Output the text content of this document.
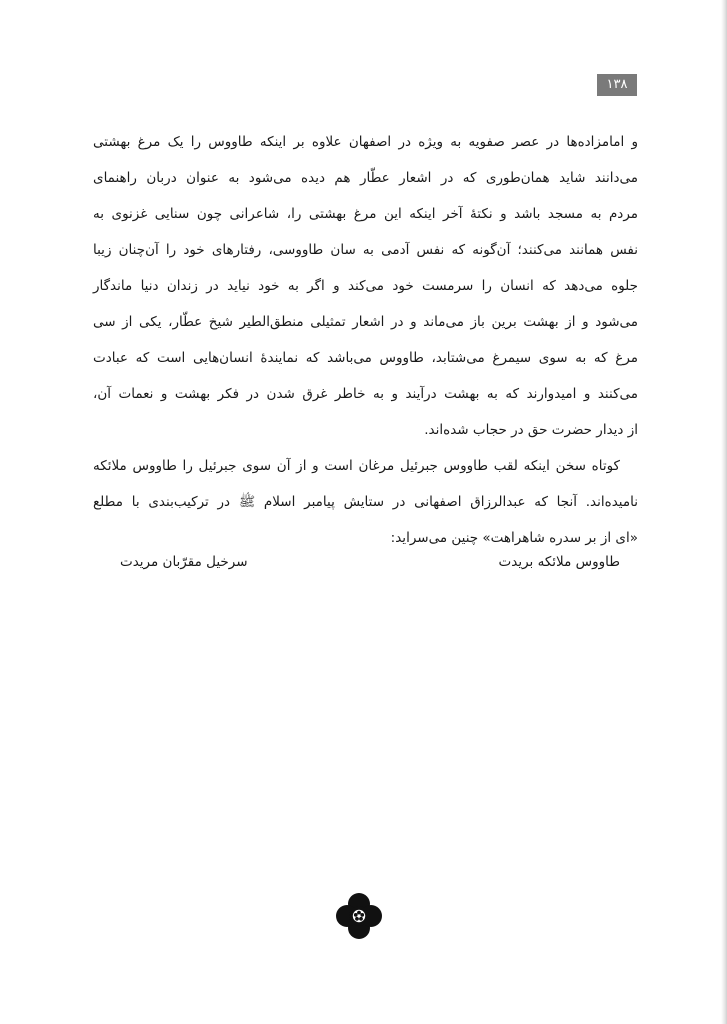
۱۳۸
و امامزاده‌ها در عصر صفویه به ویژه در اصفهان علاوه بر اینکه طاووس را یک مرغ بهشتی
می‌دانند شاید همان‌طوری که در اشعار عطّار هم دیده می‌شود به عنوان دربان راهنمای
مردم به مسجد باشد و نکتهٔ آخر اینکه این مرغ بهشتی را، شاعرانی چون سنایی غزنوی به
نفس همانند می‌کنند؛ آن‌گونه که نفس آدمی به سان طاووسی، رفتارهای خود را آن‌چنان زیبا
جلوه می‌دهد که انسان را سرمست خود می‌کند و اگر به خود نیاید در زندان دنیا ماندگار
می‌شود و از بهشت برین باز می‌ماند و در اشعار تمثیلی منطق‌الطیر شیخ عطّار، یکی از سی
مرغ که به سوی سیمرغ می‌شتابد، طاووس می‌باشد که نمایندهٔ انسان‌هایی است که عبادت
می‌کنند و امیدوارند که به بهشت درآیند و به خاطر غرق شدن در فکر بهشت و نعمات آن،
از دیدار حضرت حق در حجاب شده‌اند.
کوتاه سخن اینکه لقب طاووس جبرئیل مرغان است و از آن سوی جبرئیل را طاووس ملائکه
نامیده‌اند. آنجا که عبدالرزاق اصفهانی در ستایش پیامبر اسلام ﷺ در ترکیب‌بندی با مطلع
«ای از بر سدره شاهراهت» چنین می‌سراید:
طاووس ملائکه بریدت
سرخیل مقرّبان مریدت
